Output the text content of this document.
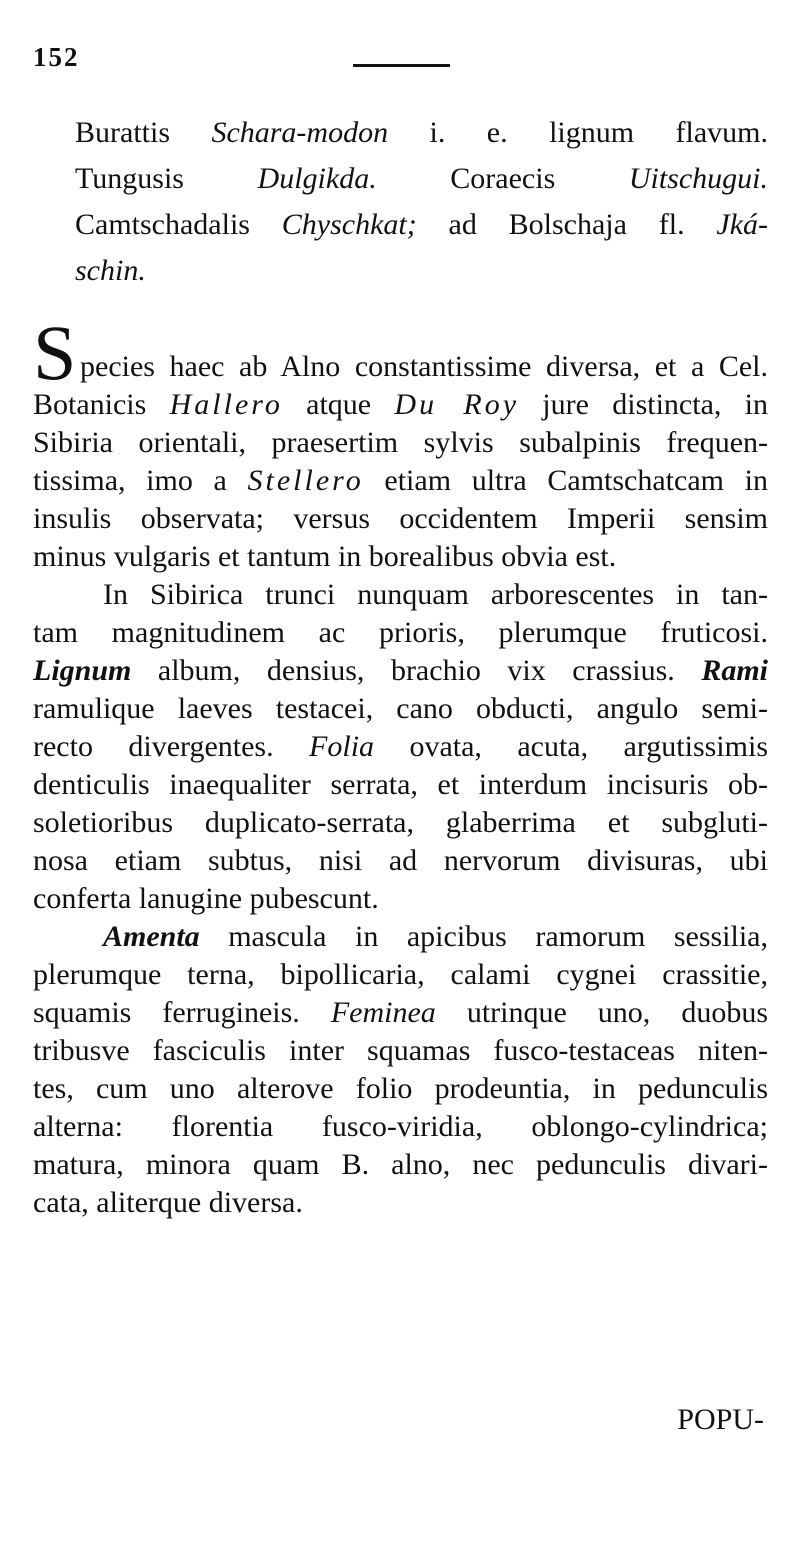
152
Burattis Schara-modon i. e. lignum flavum.
Tungusis Dulgikda. Coraecis Uitschugui.
Camtschadalis Chyschkat; ad Bolschaja fl. Jká-
schin.
S pecies haec ab Alno constantissime diversa, et a Cel.
Botanicis Hallero atque Du Roy jure distincta, in
Sibiria orientali, praesertim sylvis subalpinis frequen-
tissima, imo a Stellero etiam ultra Camtschatcam in
insulis observata; versus occidentem Imperii sensim
minus vulgaris et tantum in borealibus obvia est.
In Sibirica trunci nunquam arborescentes in tan-
tam magnitudinem ac prioris, plerumque fruticosi.
Lignum album, densius, brachio vix crassius. Rami
ramulique laeves testacei, cano obducti, angulo semi-
recto divergentes. Folia ovata, acuta, argutissimis
denticulis inaequaliter serrata, et interdum incisuris ob-
soletioribus duplicato-serrata, glaberrima et subgluti-
nosa etiam subtus, nisi ad nervorum divisuras, ubi
conferta lanugine pubescunt.
Amenta mascula in apicibus ramorum sessilia,
plerumque terna, bipollicaria, calami cygnei crassitie,
squamis ferrugineis. Feminea utrinque uno, duobus
tribusve fasciculis inter squamas fusco-testaceas niten-
tes, cum uno alterove folio prodeuntia, in pedunculis
alterna: florentia fusco-viridia, oblongo-cylindrica;
matura, minora quam B. alno, nec pedunculis divari-
cata, aliterque diversa.
POPU-
